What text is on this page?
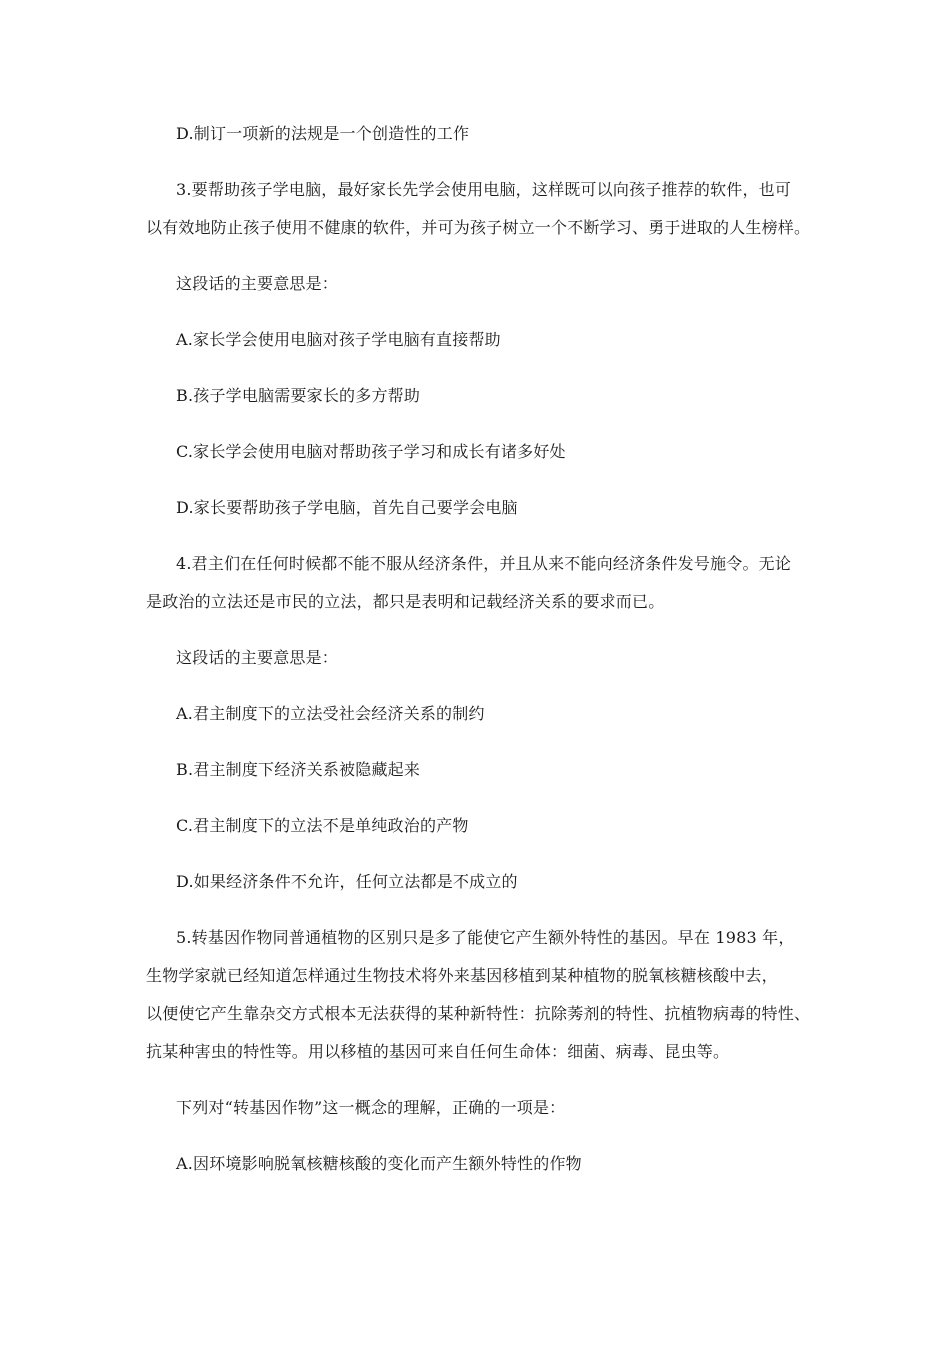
D.制订一项新的法规是一个创造性的工作
3.要帮助孩子学电脑，最好家长先学会使用电脑，这样既可以向孩子推荐的软件，也可
以有效地防止孩子使用不健康的软件，并可为孩子树立一个不断学习、勇于进取的人生榜样。
这段话的主要意思是：
A.家长学会使用电脑对孩子学电脑有直接帮助
B.孩子学电脑需要家长的多方帮助
C.家长学会使用电脑对帮助孩子学习和成长有诸多好处
D.家长要帮助孩子学电脑，首先自己要学会电脑
4.君主们在任何时候都不能不服从经济条件，并且从来不能向经济条件发号施令。无论
是政治的立法还是市民的立法，都只是表明和记载经济关系的要求而已。
这段话的主要意思是：
A.君主制度下的立法受社会经济关系的制约
B.君主制度下经济关系被隐藏起来
C.君主制度下的立法不是单纯政治的产物
D.如果经济条件不允许，任何立法都是不成立的
5.转基因作物同普通植物的区别只是多了能使它产生额外特性的基因。早在 1983 年，
生物学家就已经知道怎样通过生物技术将外来基因移植到某种植物的脱氧核糖核酸中去，
以便使它产生靠杂交方式根本无法获得的某种新特性：抗除莠剂的特性、抗植物病毒的特性、
抗某种害虫的特性等。用以移植的基因可来自任何生命体：细菌、病毒、昆虫等。
下列对“转基因作物”这一概念的理解，正确的一项是：
A.因环境影响脱氧核糖核酸的变化而产生额外特性的作物
